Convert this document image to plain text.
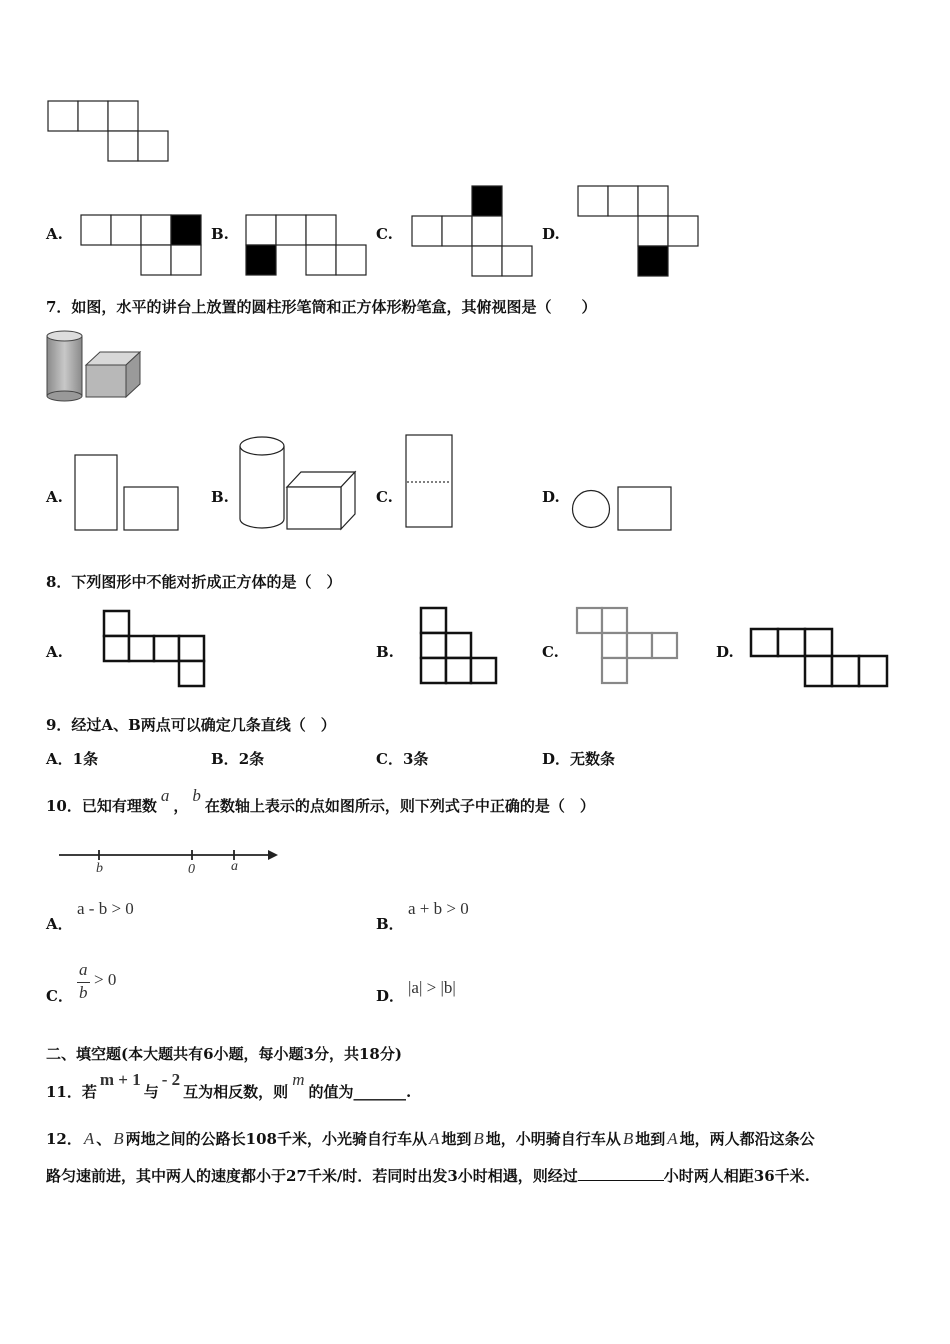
A.	B.	C.	D.
7．如图，水平的讲台上放置的圆柱形笔筒和正方体形粉笔盒，其俯视图是（　　）
A.	B.	C.	D.
8．下列图形中不能对折成正方体的是（　）
A.	B.	C.	D.
9．经过A、B两点可以确定几条直线（　）
A．1条	B．2条	C．3条	D．无数条
10．已知有理数a，b在数轴上表示的点如图所示，则下列式子中正确的是（　）
b	0	a
A．
a - b > 0
B．
a + b > 0
C．
a
b
> 0
D． |a| > |b|
二、填空题(本大题共有6小题，每小题3分，共18分)
11．若m + 1与- 2互为相反数，则m的值为_______.
12． A 、 B 两地之间的公路长108千米，小光骑自行车从 A 地到 B 地，小明骑自行车从 B 地到 A 地，两人都沿这条公
路匀速前进，其中两人的速度都小于27千米/时．若同时出发3小时相遇，则经过	小时两人相距36千米.
